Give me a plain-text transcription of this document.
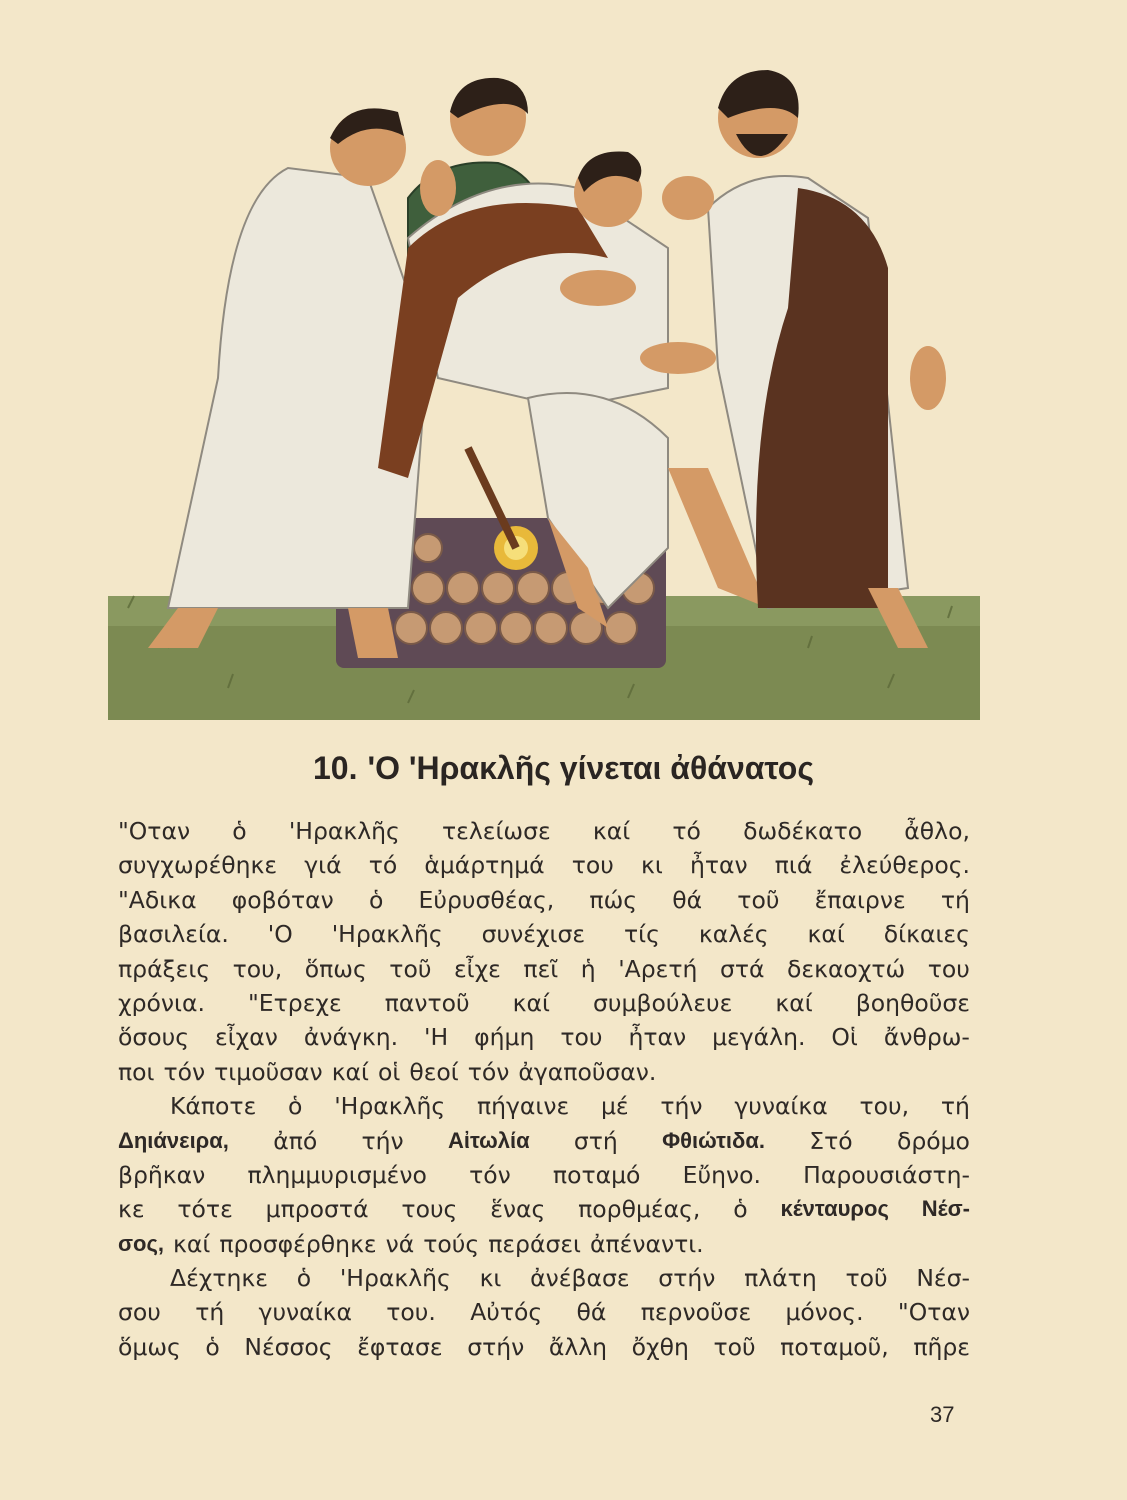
10. 'Ο 'Ηρακλῆς γίνεται ἀθάνατος
"Οταν ὁ 'Ηρακλῆς τελείωσε καί τό δωδέκατο ἆθλο,
συγχωρέθηκε γιά τό ἁμάρτημά του κι ἦταν πιά ἐλεύθερος.
"Αδικα φοβόταν ὁ Εὐρυσθέας, πώς θά τοῦ ἔπαιρνε τή
βασιλεία. 'Ο 'Ηρακλῆς συνέχισε τίς καλές καί δίκαιες
πράξεις του, ὅπως τοῦ εἶχε πεῖ ἡ 'Αρετή στά δεκαοχτώ του
χρόνια. "Ετρεχε παντοῦ καί συμβούλευε καί βοηθοῦσε
ὅσους εἶχαν ἀνάγκη. 'Η φήμη του ἦταν μεγάλη. Οἱ ἄνθρω-
ποι τόν τιμοῦσαν καί οἱ θεοί τόν ἀγαποῦσαν.
Κάποτε ὁ 'Ηρακλῆς πήγαινε μέ τήν γυναίκα του, τή
Δηιάνειρα, ἀπό τήν Αἰτωλία στή Φθιώτιδα. Στό δρόμο
βρῆκαν πλημμυρισμένο τόν ποταμό Εὔηνο. Παρουσιάστη-
κε τότε μπροστά τους ἕνας πορθμέας, ὁ κένταυρος Νέσ-
σος, καί προσφέρθηκε νά τούς περάσει ἀπέναντι.
Δέχτηκε ὁ 'Ηρακλῆς κι ἀνέβασε στήν πλάτη τοῦ Νέσ-
σου τή γυναίκα του. Αὐτός θά περνοῦσε μόνος. "Οταν
ὅμως ὁ Νέσσος ἔφτασε στήν ἄλλη ὄχθη τοῦ ποταμοῦ, πῆρε
37
